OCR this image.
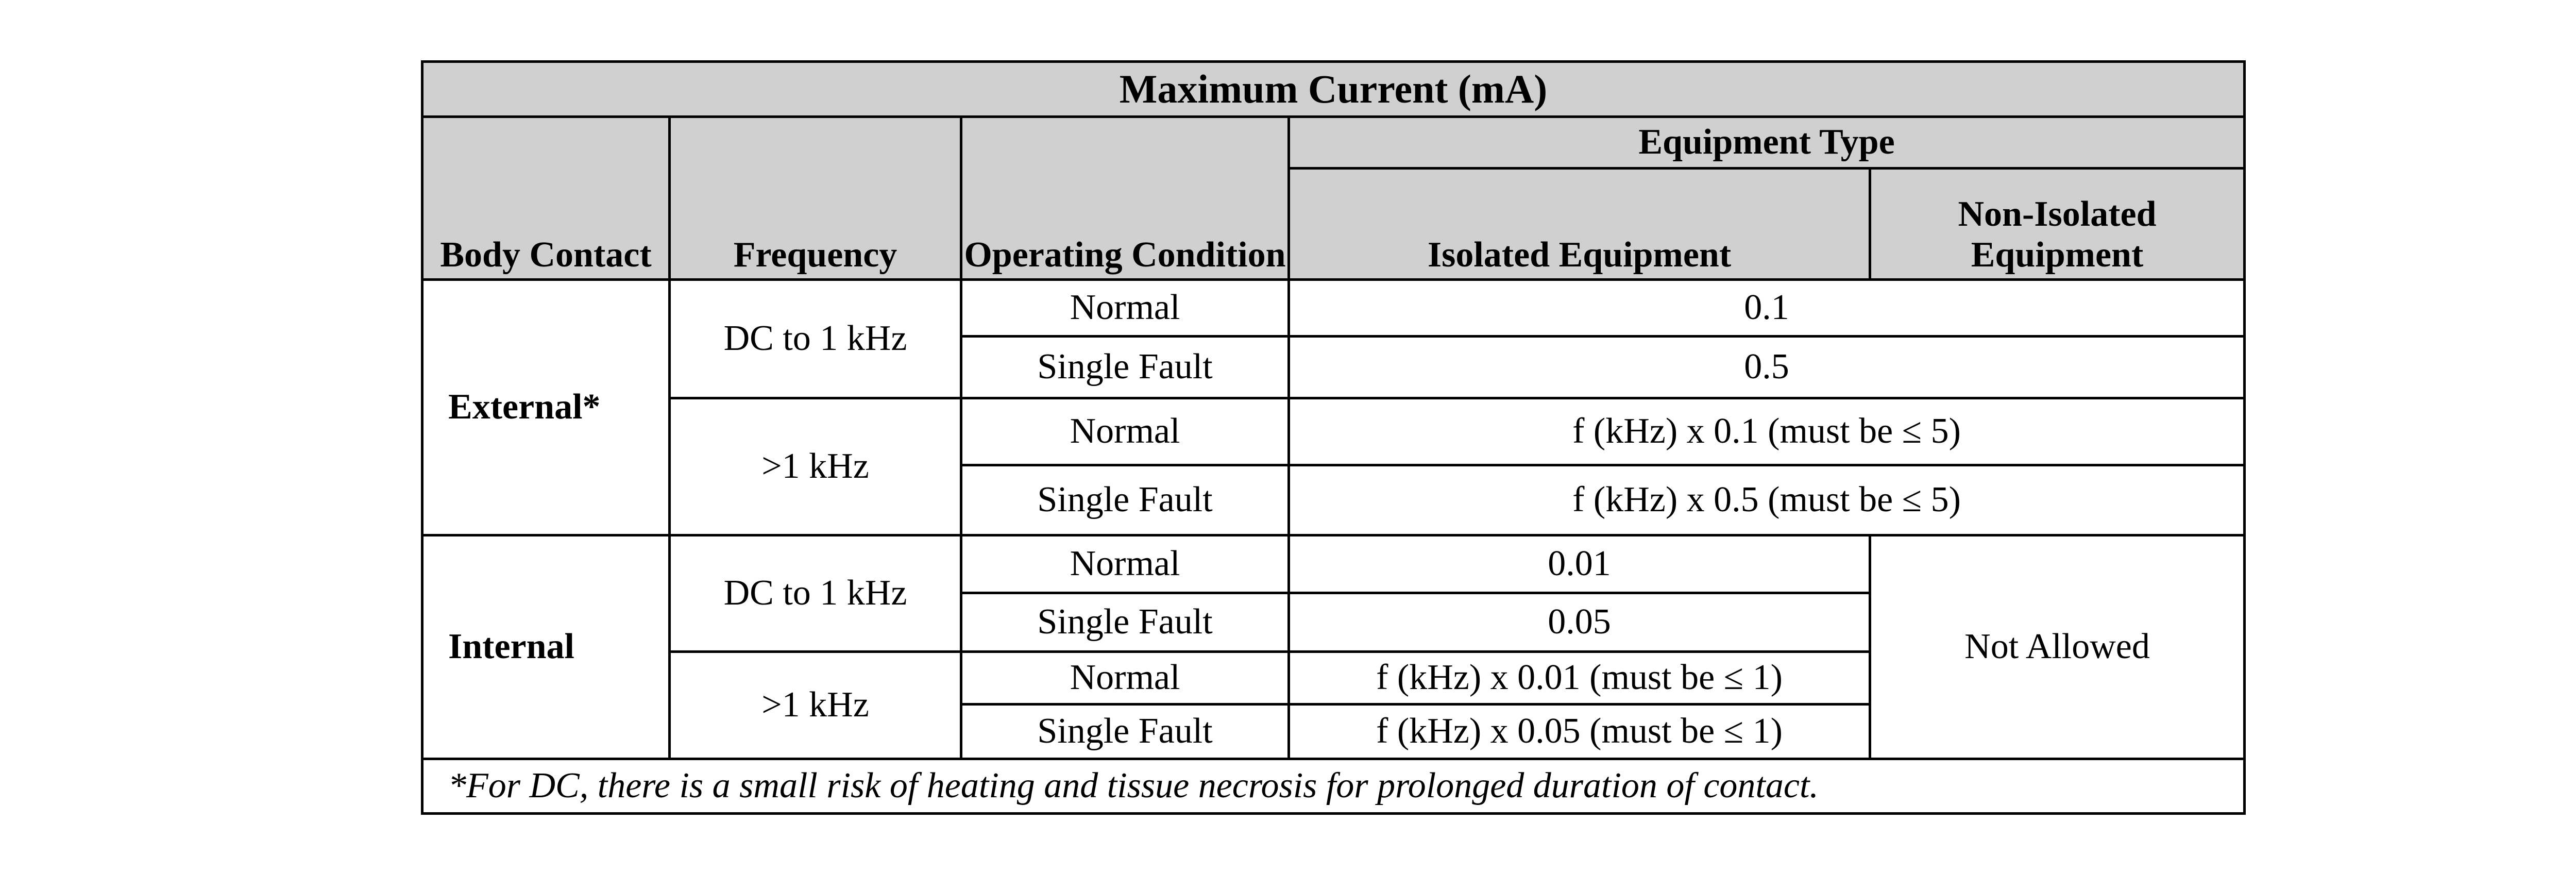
Maximum Current (mA)				
Body Contact	Frequency	Operating Condition	Equipment Type	
			Isolated Equipment	Non-Isolated Equipment
External*	DC to 1 kHz	Normal	0.1	
		Single Fault	0.5	
	>1 kHz	Normal	f (kHz) x 0.1 (must be ≤ 5)	
		Single Fault	f (kHz) x 0.5 (must be ≤ 5)	
Internal	DC to 1 kHz	Normal	0.01	Not Allowed
		Single Fault	0.05	
	>1 kHz	Normal	f (kHz) x 0.01 (must be ≤ 1)	
		Single Fault	f (kHz) x 0.05 (must be ≤ 1)	
*For DC, there is a small risk of heating and tissue necrosis for prolonged duration of contact.				
